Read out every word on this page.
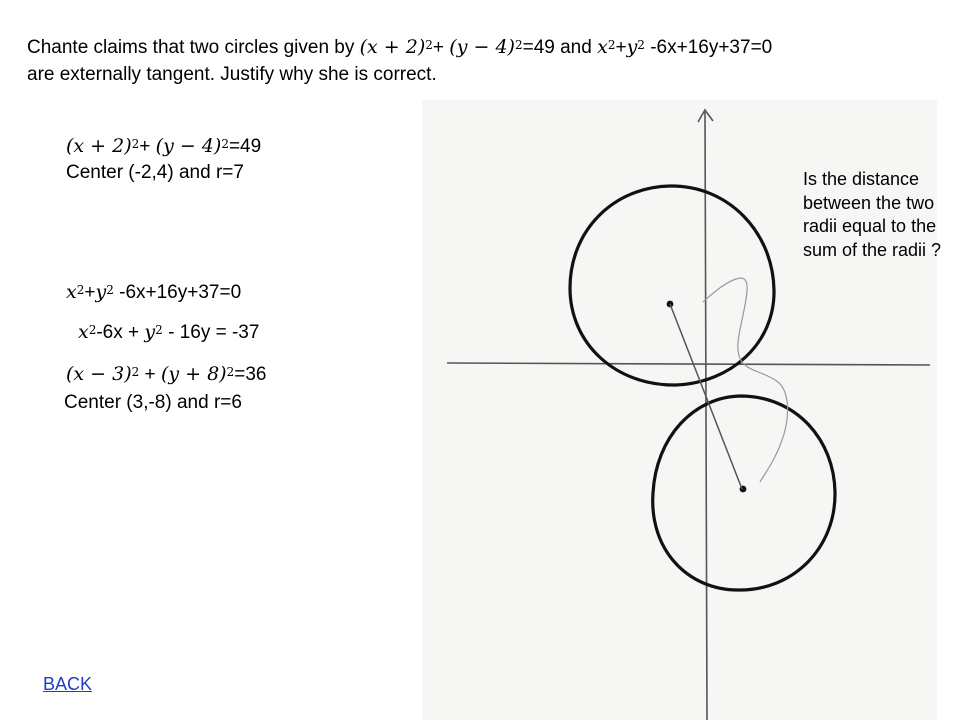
Chante claims that two circles given by $(x + 2)^2+ (y - 4)^2=49$ and $x^2+y^2$ -6x+16y+37=0
are externally tangent. Justify why she is correct.
$(x + 2)^2+ (y - 4)^2=49$
Center (-2,4) and r=7
$x^2+y^2$ -6x+16y+37=0
$x^2-6x + y^2 - 16y = -37$
$(x - 3)^2 + (y + 8)^2=36$
Center (3,-8) and r=6
Is the distance between the two radii equal to the sum of the radii ?
BACK
